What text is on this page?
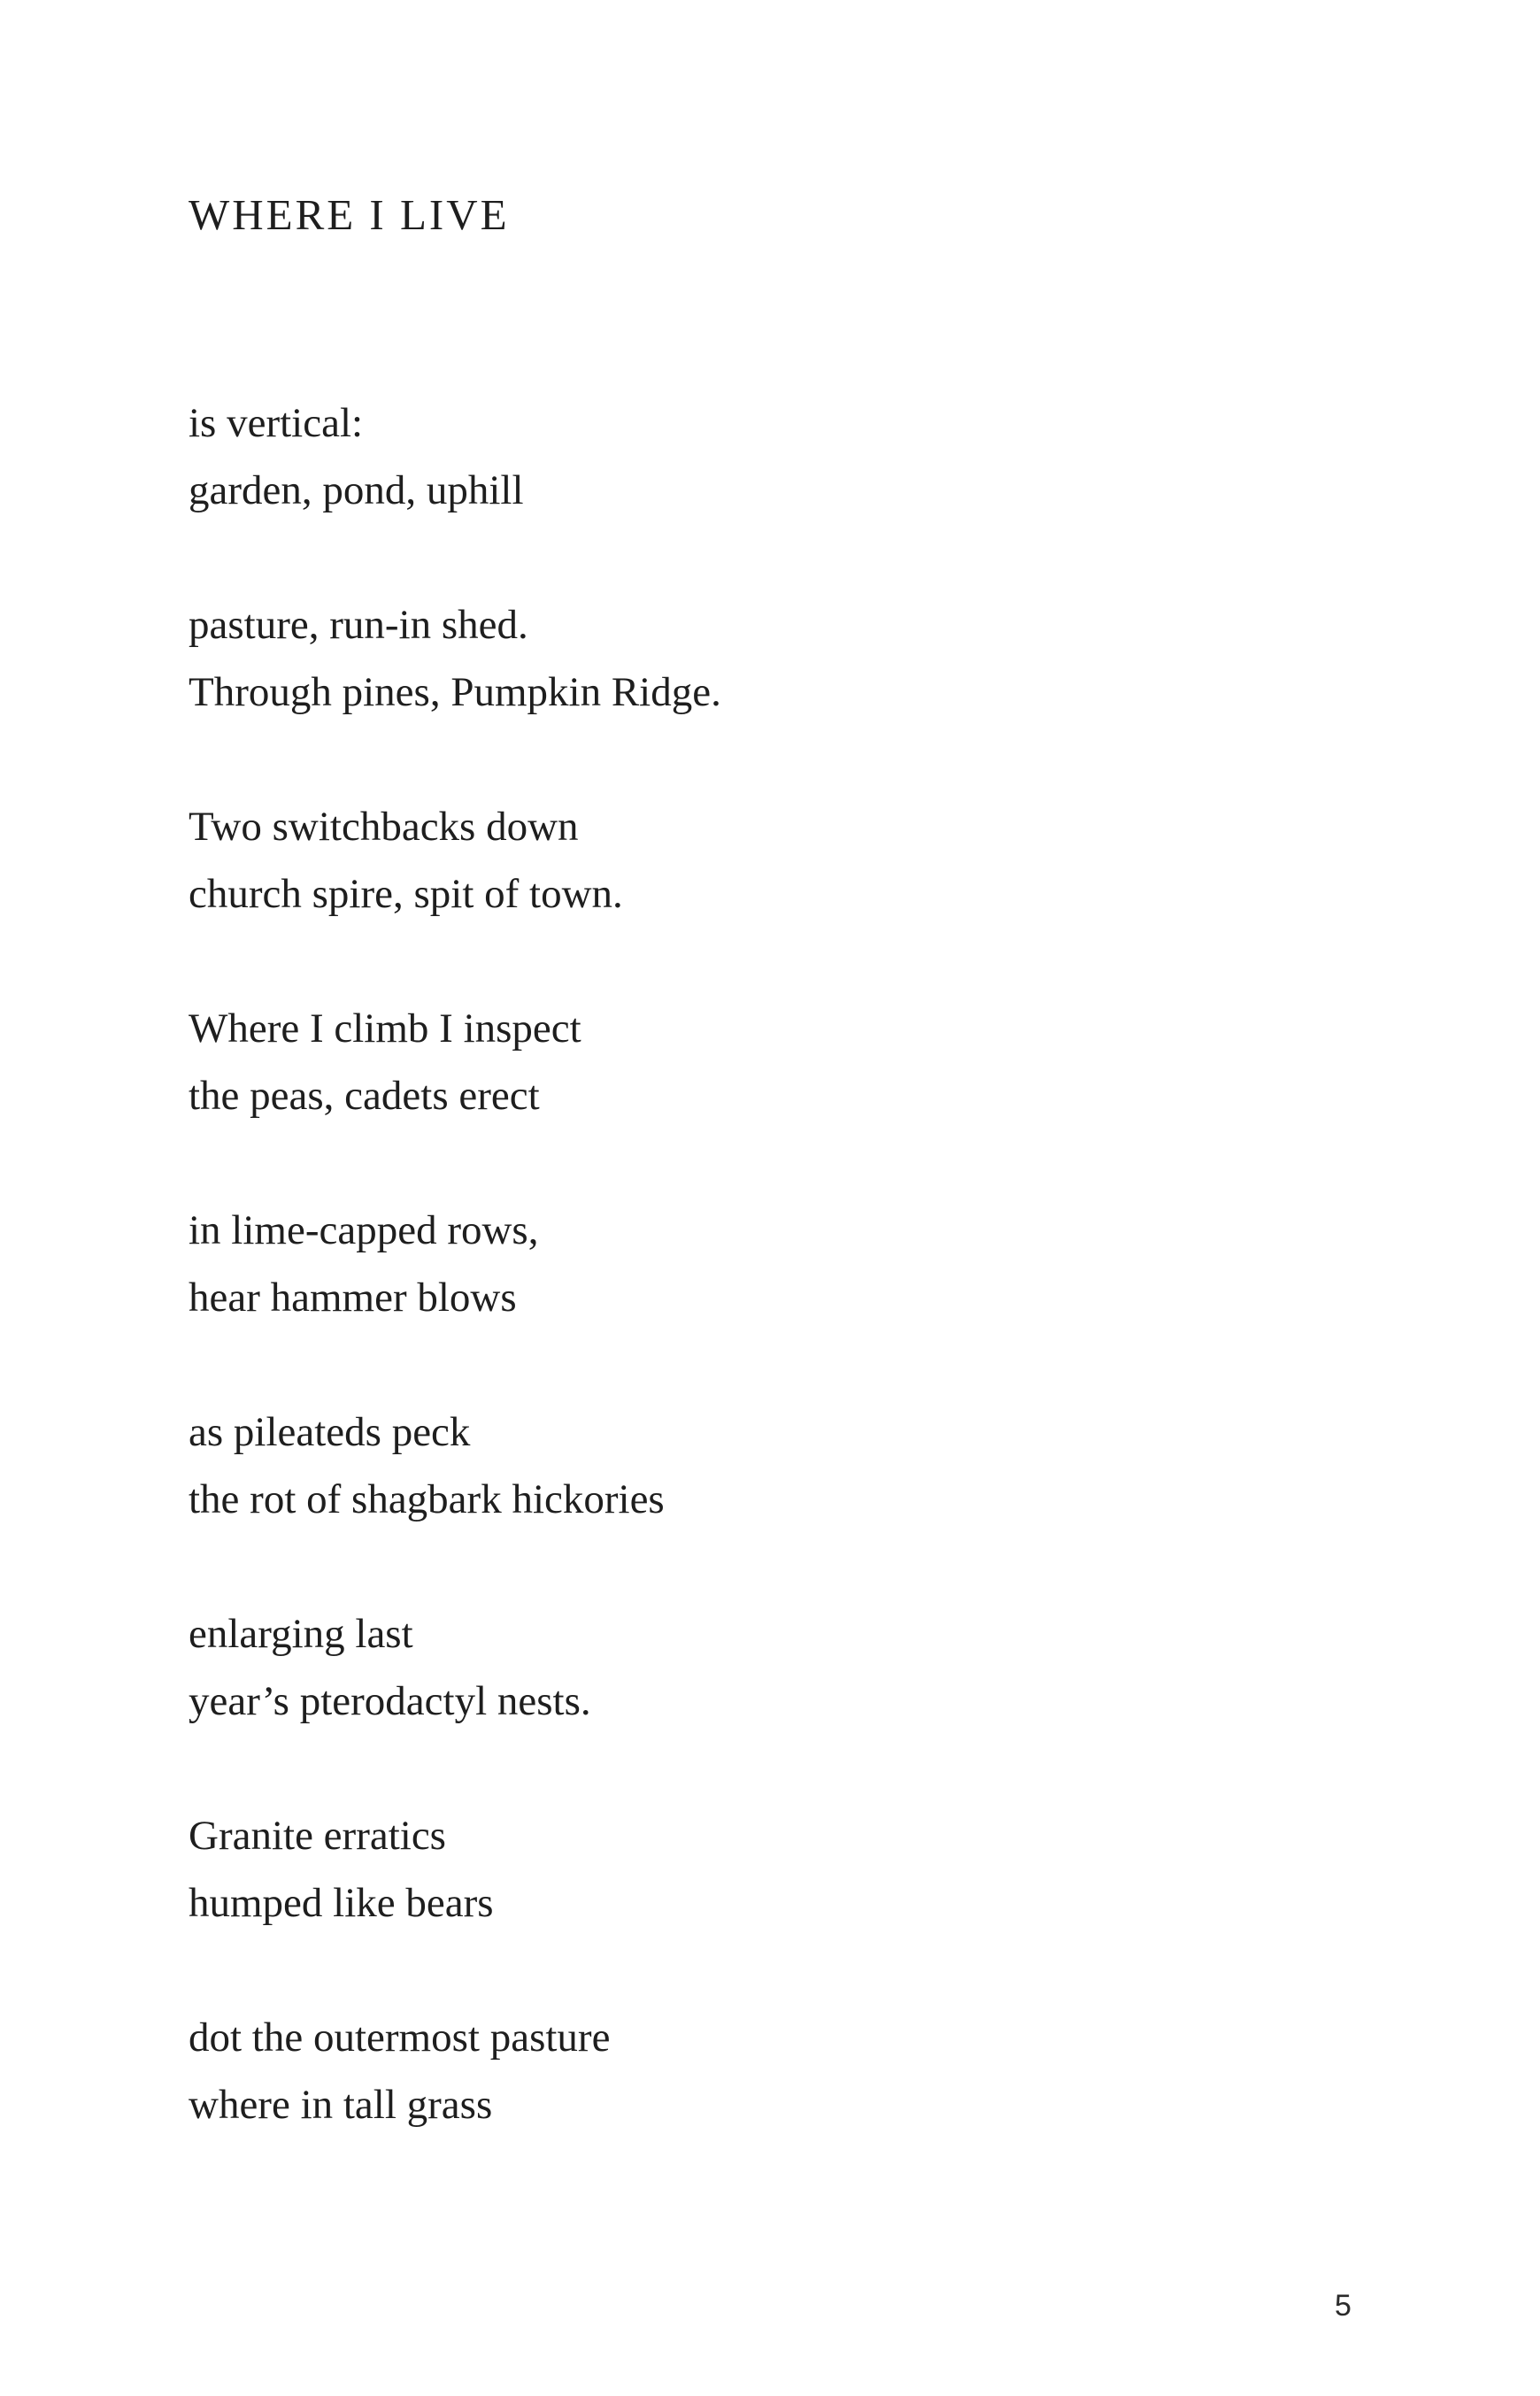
WHERE I LIVE
is vertical:
garden, pond, uphill
pasture, run-in shed.
Through pines, Pumpkin Ridge.
Two switchbacks down
church spire, spit of town.
Where I climb I inspect
the peas, cadets erect
in lime-capped rows,
hear hammer blows
as pileateds peck
the rot of shagbark hickories
enlarging last
year’s pterodactyl nests.
Granite erratics
humped like bears
dot the outermost pasture
where in tall grass
5
